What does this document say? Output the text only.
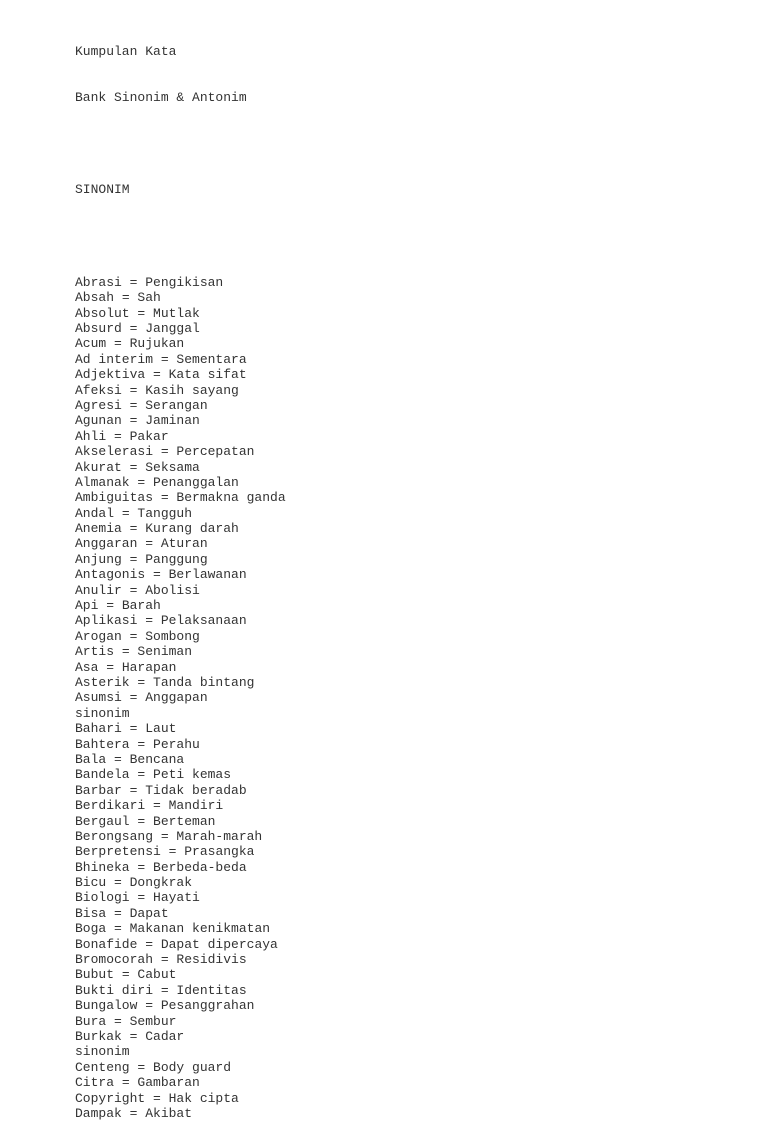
Kumpulan Kata

Bank Sinonim & Antonim

SINONIM

Abrasi = Pengikisan
Absah = Sah
Absolut = Mutlak
Absurd = Janggal
Acum = Rujukan
Ad interim = Sementara
Adjektiva = Kata sifat
Afeksi = Kasih sayang
Agresi = Serangan
Agunan = Jaminan
Ahli = Pakar
Akselerasi = Percepatan
Akurat = Seksama
Almanak = Penanggalan
Ambiguitas = Bermakna ganda
Andal = Tangguh
Anemia = Kurang darah
Anggaran = Aturan
Anjung = Panggung
Antagonis = Berlawanan
Anulir = Abolisi
Api = Barah
Aplikasi = Pelaksanaan
Arogan = Sombong
Artis = Seniman
Asa = Harapan
Asterik = Tanda bintang
Asumsi = Anggapan
sinonim
Bahari = Laut
Bahtera = Perahu
Bala = Bencana
Bandela = Peti kemas
Barbar = Tidak beradab
Berdikari = Mandiri
Bergaul = Berteman
Berongsang = Marah-marah
Berpretensi = Prasangka
Bhineka = Berbeda-beda
Bicu = Dongkrak
Biologi = Hayati
Bisa = Dapat
Boga = Makanan kenikmatan
Bonafide = Dapat dipercaya
Bromocorah = Residivis
Bubut = Cabut
Bukti diri = Identitas
Bungalow = Pesanggrahan
Bura = Sembur
Burkak = Cadar
sinonim
Centeng = Body guard
Citra = Gambaran
Copyright = Hak cipta
Dampak = Akibat
